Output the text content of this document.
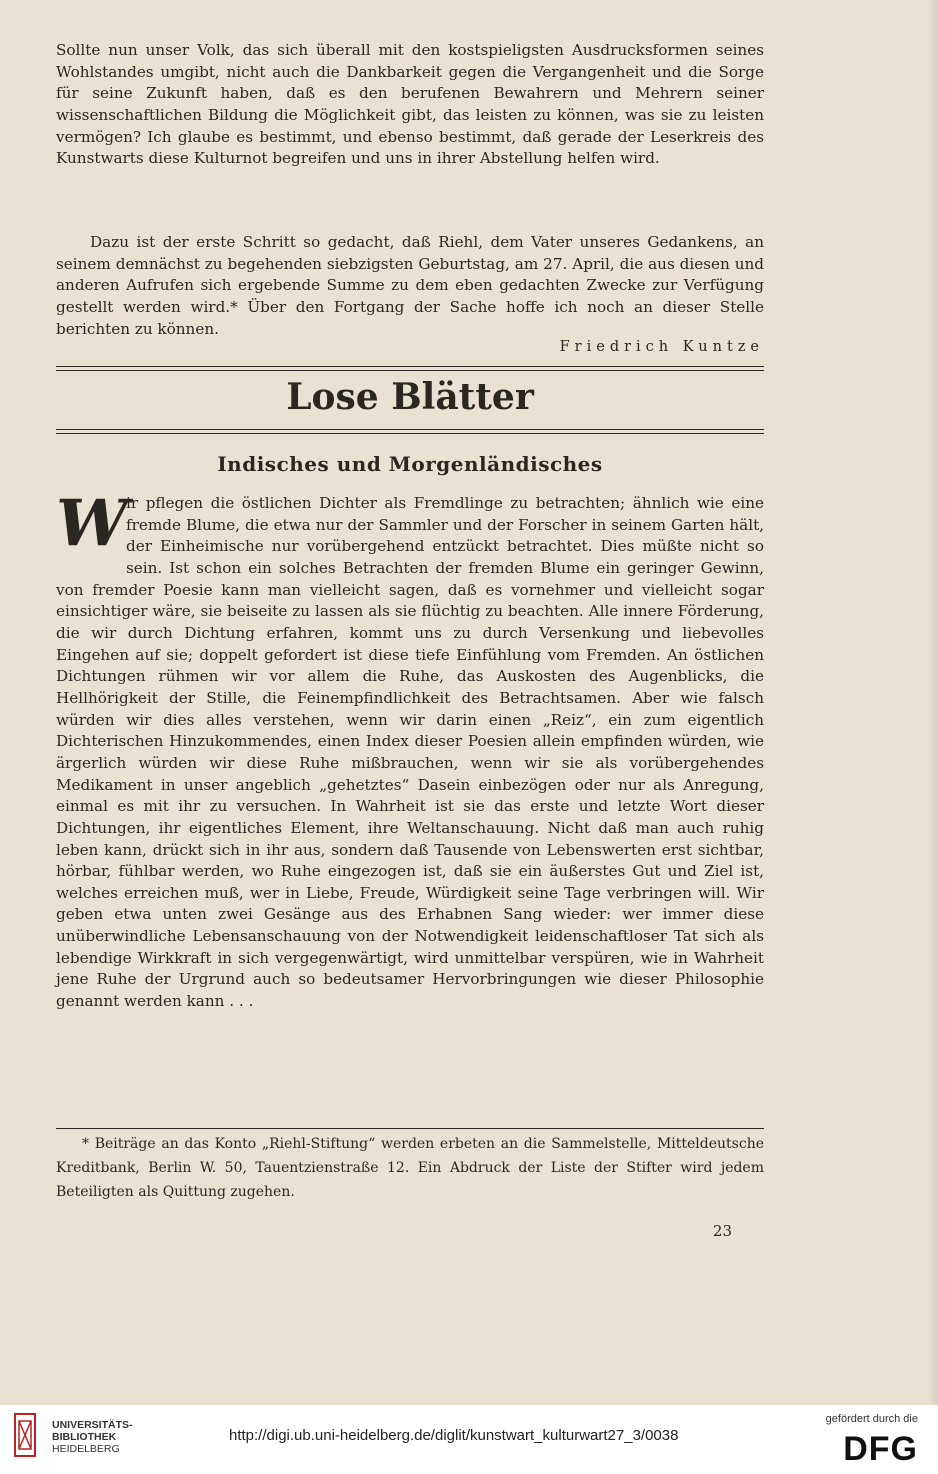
Sollte nun unser Volk, das sich überall mit den kostspieligsten Ausdrucksformen seines Wohlstandes umgibt, nicht auch die Dankbarkeit gegen die Vergangenheit und die Sorge für seine Zukunft haben, daß es den berufenen Bewahrern und Mehrern seiner wissenschaftlichen Bildung die Möglichkeit gibt, das leisten zu können, was sie zu leisten vermögen? Ich glaube es bestimmt, und ebenso bestimmt, daß gerade der Leserkreis des Kunstwarts diese Kulturnot begreifen und uns in ihrer Abstellung helfen wird.

Dazu ist der erste Schritt so gedacht, daß Riehl, dem Vater unseres Gedankens, an seinem demnächst zu begehenden siebzigsten Geburtstag, am 27. April, die aus diesen und anderen Aufrufen sich ergebende Summe zu dem eben gedachten Zwecke zur Verfügung gestellt werden wird.* Über den Fortgang der Sache hoffe ich noch an dieser Stelle berichten zu können.

Friedrich Kuntze
Lose Blätter
Indisches und Morgenländisches

W
ir pflegen die östlichen Dichter als Fremdlinge zu betrachten; ähnlich wie eine fremde Blume, die etwa nur der Sammler und der Forscher in seinem Garten hält, der Einheimische nur vorübergehend entzückt betrachtet. Dies müßte nicht so sein. Ist schon ein solches Betrachten der fremden Blume ein geringer Gewinn, von fremder Poesie kann man vielleicht sagen, daß es vornehmer und vielleicht sogar einsichtiger wäre, sie beiseite zu lassen als sie flüchtig zu beachten. Alle innere Förderung, die wir durch Dichtung erfahren, kommt uns zu durch Versenkung und liebevolles Eingehen auf sie; doppelt gefordert ist diese tiefe Einfühlung vom Fremden. An östlichen Dichtungen rühmen wir vor allem die Ruhe, das Auskosten des Augenblicks, die Hellhörigkeit der Stille, die Feinempfindlichkeit des Betrachtsamen. Aber wie falsch würden wir dies alles verstehen, wenn wir darin einen „Reiz“, ein zum eigentlich Dichterischen Hinzukommendes, einen Index dieser Poesien allein empfinden würden, wie ärgerlich würden wir diese Ruhe mißbrauchen, wenn wir sie als vorübergehendes Medikament in unser angeblich „gehetztes“ Dasein einbezögen oder nur als Anregung, einmal es mit ihr zu versuchen. In Wahrheit ist sie das erste und letzte Wort dieser Dichtungen, ihr eigentliches Element, ihre Weltanschauung. Nicht daß man auch ruhig leben kann, drückt sich in ihr aus, sondern daß Tausende von Lebenswerten erst sichtbar, hörbar, fühlbar werden, wo Ruhe eingezogen ist, daß sie ein äußerstes Gut und Ziel ist, welches erreichen muß, wer in Liebe, Freude, Würdigkeit seine Tage verbringen will. Wir geben etwa unten zwei Gesänge aus des Erhabnen Sang wieder: wer immer diese unüberwindliche Lebensanschauung von der Notwendigkeit leidenschaftloser Tat sich als lebendige Wirkkraft in sich vergegenwärtigt, wird unmittelbar verspüren, wie in Wahrheit jene Ruhe der Urgrund auch so bedeutsamer Hervorbringungen wie dieser Philosophie genannt werden kann . . .

* Beiträge an das Konto „Riehl-Stiftung“ werden erbeten an die Sammelstelle, Mitteldeutsche Kreditbank, Berlin W. 50, Tauentzienstraße 12. Ein Abdruck der Liste der Stifter wird jedem Beteiligten als Quittung zugehen.

23
UNIVERSITÄTS-
BIBLIOTHEK
HEIDELBERG
http://digi.ub.uni-heidelberg.de/diglit/kunstwart_kulturwart27_3/0038
gefördert durch die
DFG
